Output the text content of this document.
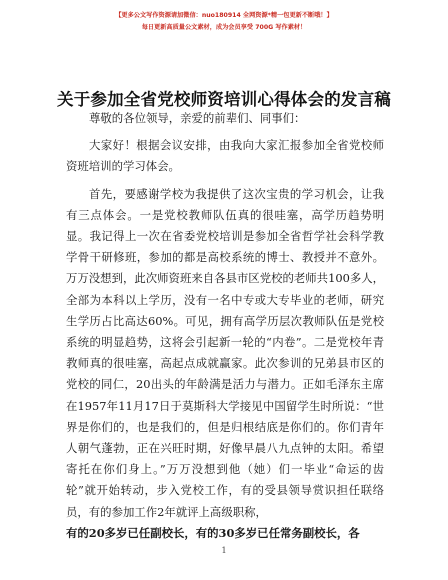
【更多公文写作资源请加微信：nuo180914 全网资源*精一包更新不断哦！】
每日更新高质量公文素材，成为会员享受 700G 写作素材！
关于参加全省党校师资培训心得体会的发言稿

尊敬的各位领导，亲爱的前辈们、同事们：

大家好！根据会议安排，由我向大家汇报参加全省党校师资班培训的学习体会。

首先，要感谢学校为我提供了这次宝贵的学习机会，让我有三点体会。一是党校教师队伍真的很哇塞，高学历趋势明显。我记得上一次在省委党校培训是参加全省哲学社会科学教学骨干研修班，参加的都是高校系统的博士、教授并不意外。万万没想到，此次师资班来自各县市区党校的老师共100多人，全部为本科以上学历，没有一名中专或大专毕业的老师，研究生学历占比高达60%。可见，拥有高学历层次教师队伍是党校系统的明显趋势，这将会引起新一轮的“内卷”。二是党校年青教师真的很哇塞，高起点成就赢家。此次参训的兄弟县市区的党校的同仁，20出头的年龄满是活力与潜力。正如毛泽东主席在1957年11月17日于莫斯科大学接见中国留学生时所说：“世界是你们的，也是我们的，但是归根结底是你们的。你们青年人朝气蓬勃，正在兴旺时期，好像早晨八九点钟的太阳。希望寄托在你们身上。”万万没想到他（她）们一毕业“命运的齿轮”就开始转动，步入党校工作，有的受县领导赏识担任联络员，有的参加工作2年就评上高级职称，

有的20多岁已任副校长，有的30多岁已任常务副校长，各

1
